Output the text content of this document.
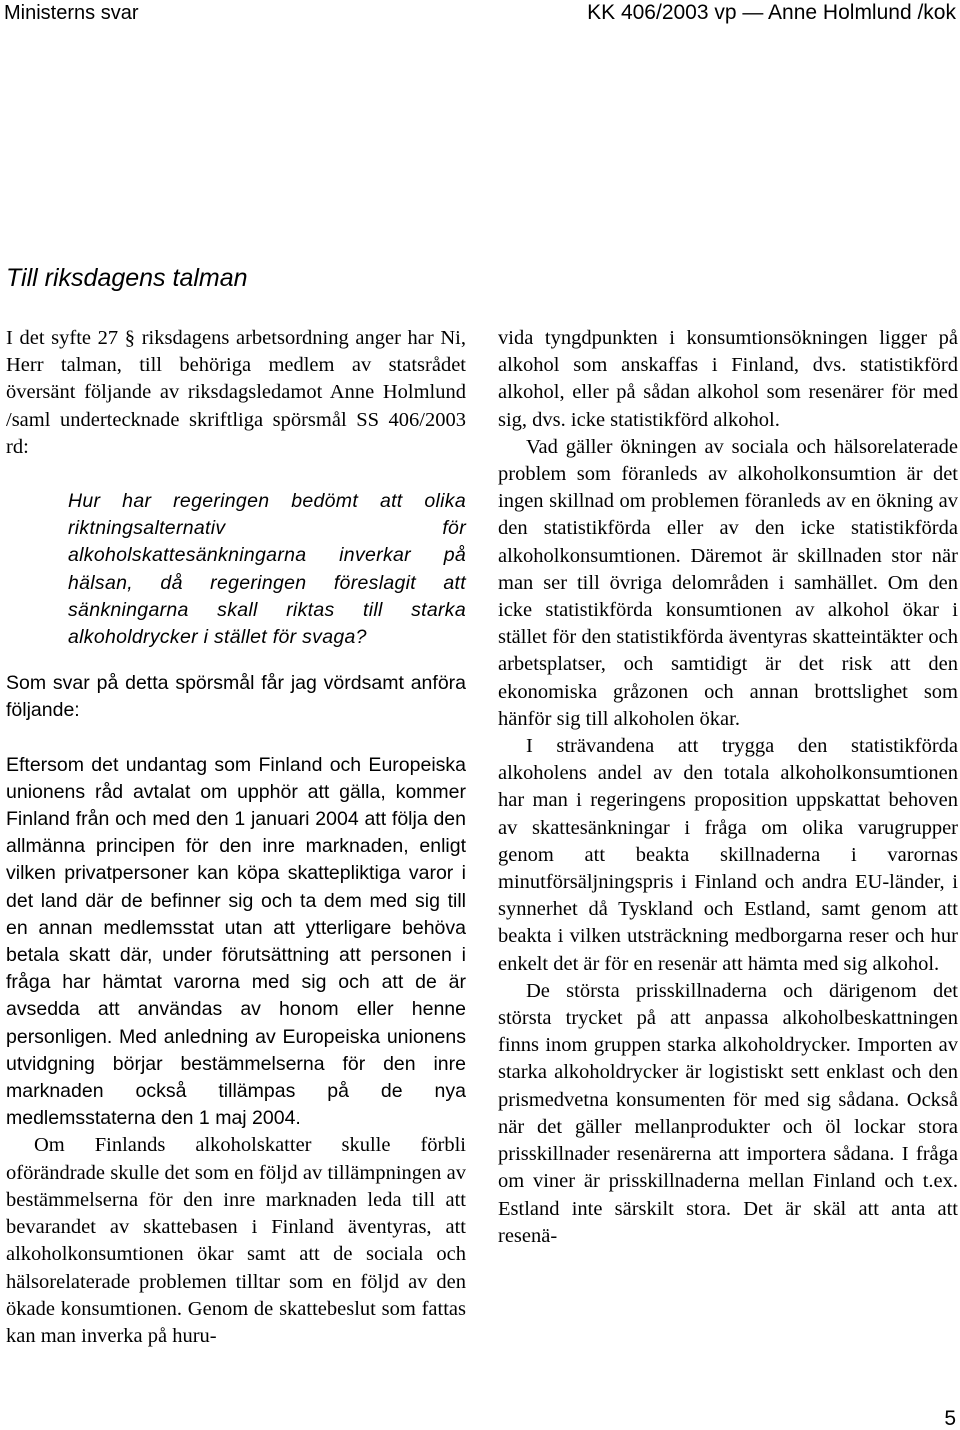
Ministerns svar	KK 406/2003 vp — Anne Holmlund /kok
Till riksdagens talman

I det syfte 27 § riksdagens arbetsordning anger har Ni, Herr talman, till behöriga medlem av statsrådet översänt följande av riksdagsledamot Anne Holmlund /saml undertecknade skriftliga spörsmål SS 406/2003 rd:

Hur har regeringen bedömt att olika riktningsalternativ för alkoholskattesänkningarna inverkar på hälsan, då regeringen föreslagit att sänkningarna skall riktas till starka alkoholdrycker i stället för svaga?

Som svar på detta spörsmål får jag vördsamt anföra följande:

Eftersom det undantag som Finland och Europeiska unionens råd avtalat om upphör att gälla, kommer Finland från och med den 1 januari 2004 att följa den allmänna principen för den inre marknaden, enligt vilken privatpersoner kan köpa skattepliktiga varor i det land där de befinner sig och ta dem med sig till en annan medlemsstat utan att ytterligare behöva betala skatt där, under förutsättning att personen i fråga har hämtat varorna med sig och att de är avsedda att användas av honom eller henne personligen. Med anledning av Europeiska unionens utvidgning börjar bestämmelserna för den inre marknaden också tillämpas på de nya medlemsstaterna den 1 maj 2004.

Om Finlands alkoholskatter skulle förbli oförändrade skulle det som en följd av tillämpningen av bestämmelserna för den inre marknaden leda till att bevarandet av skattebasen i Finland äventyras, att alkoholkonsumtionen ökar samt att de sociala och hälsorelaterade problemen tilltar som en följd av den ökade konsumtionen. Genom de skattebeslut som fattas kan man inverka på huru-

vida tyngdpunkten i konsumtionsökningen ligger på alkohol som anskaffas i Finland, dvs. statistikförd alkohol, eller på sådan alkohol som resenärer för med sig, dvs. icke statistikförd alkohol.

Vad gäller ökningen av sociala och hälsorelaterade problem som föranleds av alkoholkonsumtion är det ingen skillnad om problemen föranleds av en ökning av den statistikförda eller av den icke statistikförda alkoholkonsumtionen. Däremot är skillnaden stor när man ser till övriga delområden i samhället. Om den icke statistikförda konsumtionen av alkohol ökar i stället för den statistikförda äventyras skatteintäkter och arbetsplatser, och samtidigt är det risk att den ekonomiska gråzonen och annan brottslighet som hänför sig till alkoholen ökar.

I strävandena att trygga den statistikförda alkoholens andel av den totala alkoholkonsumtionen har man i regeringens proposition uppskattat behoven av skattesänkningar i fråga om olika varugrupper genom att beakta skillnaderna i varornas minutförsäljningspris i Finland och andra EU-länder, i synnerhet då Tyskland och Estland, samt genom att beakta i vilken utsträckning medborgarna reser och hur enkelt det är för en resenär att hämta med sig alkohol.

De största prisskillnaderna och därigenom det största trycket på att anpassa alkoholbeskattningen finns inom gruppen starka alkoholdrycker. Importen av starka alkoholdrycker är logistiskt sett enklast och den prismedvetna konsumenten för med sig sådana. Också när det gäller mellanprodukter och öl lockar stora prisskillnader resenärerna att importera sådana. I fråga om viner är prisskillnaderna mellan Finland och t.ex. Estland inte särskilt stora. Det är skäl att anta att resenä-

5
